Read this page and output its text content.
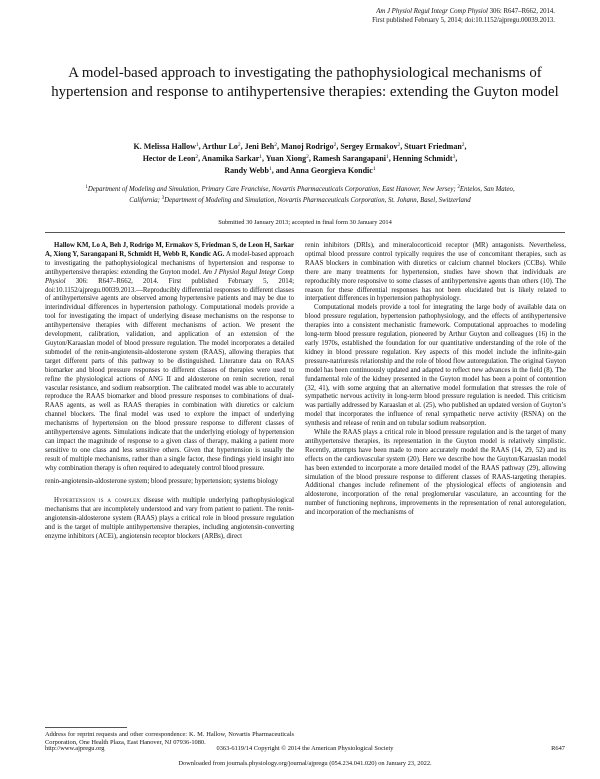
Am J Physiol Regul Integr Comp Physiol 306: R647–R662, 2014.
First published February 5, 2014; doi:10.1152/ajpregu.00039.2013.
A model-based approach to investigating the pathophysiological mechanisms of hypertension and response to antihypertensive therapies: extending the Guyton model
K. Melissa Hallow$^1$, Arthur Lo$^2$, Jeni Beh$^2$, Manoj Rodrigo$^2$, Sergey Ermakov$^2$, Stuart Friedman$^2$,
Hector de Leon$^2$, Anamika Sarkar$^1$, Yuan Xiong$^2$, Ramesh Sarangapani$^1$, Henning Schmidt$^3$,
Randy Webb$^1$, and Anna Georgieva Kondic$^1$
$^1$Department of Modeling and Simulation, Primary Care Franchise, Novartis Pharmaceuticals Corporation, East Hanover, New Jersey; $^2$Entelos, San Mateo, California; $^3$Department of Modeling and Simulation, Novartis Pharmaceuticals Corporation, St. Johann, Basel, Switzerland
Submitted 30 January 2013; accepted in final form 30 January 2014

Hallow KM, Lo A, Beh J, Rodrigo M, Ermakov S, Friedman S, de Leon H, Sarkar A, Xiong Y, Sarangapani R, Schmidt H, Webb R, Kondic AG. A model-based approach to investigating the pathophysiological mechanisms of hypertension and response to antihypertensive therapies: extending the Guyton model. Am J Physiol Regul Integr Comp Physiol 306: R647–R662, 2014. First published February 5, 2014; doi:10.1152/ajpregu.00039.2013.—Reproducibly differential responses to different classes of antihypertensive agents are observed among hypertensive patients and may be due to interindividual differences in hypertension pathology. Computational models provide a tool for investigating the impact of underlying disease mechanisms on the response to antihypertensive therapies with different mechanisms of action. We present the development, calibration, validation, and application of an extension of the Guyton/Karaaslan model of blood pressure regulation. The model incorporates a detailed submodel of the renin-angiotensin-aldosterone system (RAAS), allowing therapies that target different parts of this pathway to be distinguished. Literature data on RAAS biomarker and blood pressure responses to different classes of therapies were used to refine the physiological actions of ANG II and aldosterone on renin secretion, renal vascular resistance, and sodium reabsorption. The calibrated model was able to accurately reproduce the RAAS biomarker and blood pressure responses to combinations of dual-RAAS agents, as well as RAAS therapies in combination with diuretics or calcium channel blockers. The final model was used to explore the impact of underlying mechanisms of hypertension on the blood pressure response to different classes of antihypertensive agents. Simulations indicate that the underlying etiology of hypertension can impact the magnitude of response to a given class of therapy, making a patient more sensitive to one class and less sensitive others. Given that hypertension is usually the result of multiple mechanisms, rather than a single factor, these findings yield insight into why combination therapy is often required to adequately control blood pressure.

renin-angiotensin-aldosterone system; blood pressure; hypertension; systems biology

Hypertension is a complex disease with multiple underlying pathophysiological mechanisms that are incompletely understood and vary from patient to patient. The renin-angiotensin-aldosterone system (RAAS) plays a critical role in blood pressure regulation and is the target of multiple antihypertensive therapies, including angiotensin-converting enzyme inhibitors (ACEi), angiotensin receptor blockers (ARBs), direct

renin inhibitors (DRIs), and mineralocorticoid receptor (MR) antagonists. Nevertheless, optimal blood pressure control typically requires the use of concomitant therapies, such as RAAS blockers in combination with diuretics or calcium channel blockers (CCBs). While there are many treatments for hypertension, studies have shown that individuals are reproducibly more responsive to some classes of antihypertensive agents than others (10). The reason for these differential responses has not been elucidated but is likely related to interpatient differences in hypertension pathophysiology.

Computational models provide a tool for integrating the large body of available data on blood pressure regulation, hypertension pathophysiology, and the effects of antihypertensive therapies into a consistent mechanistic framework. Computational approaches to modeling long-term blood pressure regulation, pioneered by Arthur Guyton and colleagues (16) in the early 1970s, established the foundation for our quantitative understanding of the role of the kidney in blood pressure regulation. Key aspects of this model include the infinite-gain pressure-natriuresis relationship and the role of blood flow autoregulation. The original Guyton model has been continuously updated and adapted to reflect new advances in the field (8). The fundamental role of the kidney presented in the Guyton model has been a point of contention (32, 41), with some arguing that an alternative model formulation that stresses the role of sympathetic nervous activity in long-term blood pressure regulation is needed. This criticism was partially addressed by Karaaslan et al. (25), who published an updated version of Guyton’s model that incorporates the influence of renal sympathetic nerve activity (RSNA) on the synthesis and release of renin and on tubular sodium reabsorption.

While the RAAS plays a critical role in blood pressure regulation and is the target of many antihypertensive therapies, its representation in the Guyton model is relatively simplistic. Recently, attempts have been made to more accurately model the RAAS (14, 29, 52) and its effects on the cardiovascular system (20). Here we describe how the Guyton/Karaaslan model has been extended to incorporate a more detailed model of the RAAS pathway (29), allowing simulation of the blood pressure response to different classes of RAAS-targeting therapies. Additional changes include refinement of the physiological effects of angiotensin and aldosterone, incorporation of the renal preglomerular vasculature, an accounting for the number of functioning nephrons, improvements in the representation of renal autoregulation, and incorporation of the mechanisms of

Address for reprint requests and other correspondence: K. M. Hallow, Novartis Pharmaceuticals Corporation, One Health Plaza, East Hanover, NJ 07936-1080.
http://www.ajpregu.org	0363-6119/14 Copyright © 2014 the American Physiological Society	R647
Downloaded from journals.physiology.org/journal/ajpregu (054.234.041.020) on January 23, 2022.
